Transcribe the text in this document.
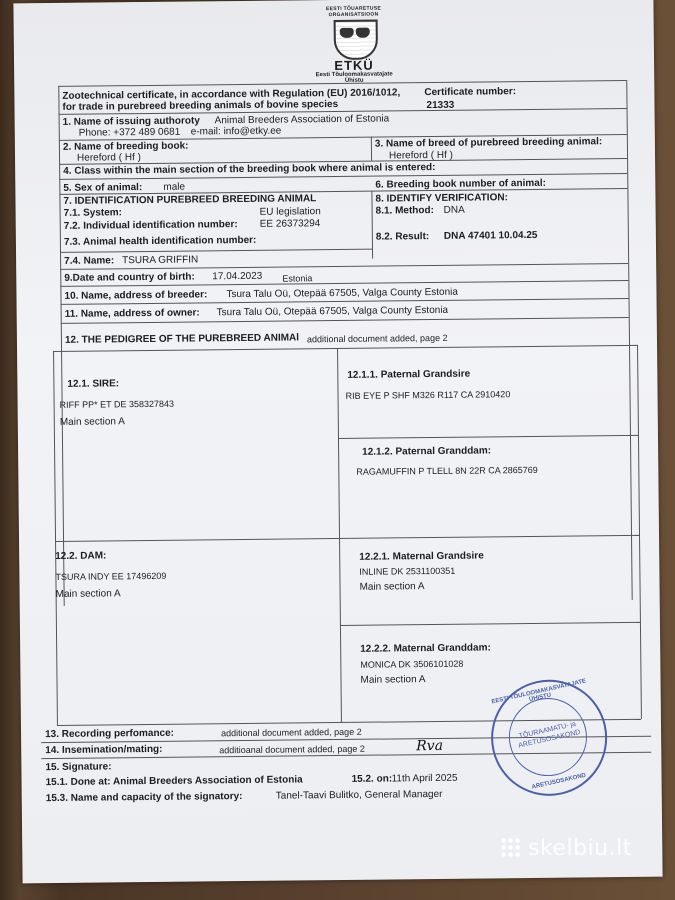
EESTI TÕUARETUSE ORGANISATSIOON
ETKÜ
Eesti Tõuloomakasvatajate Ühistu
Zootechnical certificate, in accordance with Regulation (EU) 2016/1012,
for trade in purebreed breeding animals of bovine species
Certificate number:
21333
1. Name of issuing authoroty Animal Breeders Association of Estonia
Phone: +372 489 0681 e-mail: info@etky.ee
2. Name of breeding book:
Hereford ( Hf )
3. Name of breed of purebreed breeding animal:
Hereford ( Hf )
4. Class within the main section of the breeding book where animal is entered:
5. Sex of animal: male	6. Breeding book number of animal:
7. IDENTIFICATION PUREBREED BREEDING ANIMAL
7.1. System:	EU legislation
7.2. Individual identification number: EE 26373294
7.3. Animal health identification number:
8. IDENTIFY VERIFICATION:
8.1. Method: DNA
8.2. Result: DNA 47401 10.04.25
7.4. Name: TSURA GRIFFIN
9.Date and country of birth: 17.04.2023 Estonia
10. Name, address of breeder: Tsura Talu Oü, Otepää 67505, Valga County Estonia
11. Name, address of owner: Tsura Talu Oü, Otepää 67505, Valga County Estonia
12. THE PEDIGREE OF THE PUREBREED ANIMAl additional document added, page 2
12.1. SIRE:
RIFF PP* ET DE 358327843
Main section A
12.1.1. Paternal Grandsire
RIB EYE P SHF M326 R117 CA 2910420
12.1.2. Paternal Granddam:
RAGAMUFFIN P TLELL 8N 22R CA 2865769
12.2. DAM:
TSURA INDY EE 17496209
Main section A
12.2.1. Maternal Grandsire
INLINE DK 2531100351
Main section A
12.2.2. Maternal Granddam:
MONICA DK 3506101028
Main section A
13. Recording perfomance:	additional document added, page 2
14. Insemination/mating:	additioanal document added, page 2
15. Signature:
15.1. Done at: Animal Breeders Association of Estonia	15.2. on: 11th April 2025
15.3. Name and capacity of the signatory:	Tanel-Taavi Bulitko, General Manager
Rva
EESTI TÕULOOMAKASVATAJATE ÜHISTU
TÕURAAMATU- ja ARETUSOSAKOND
ARETUSOSAKOND
skelbiu.lt
